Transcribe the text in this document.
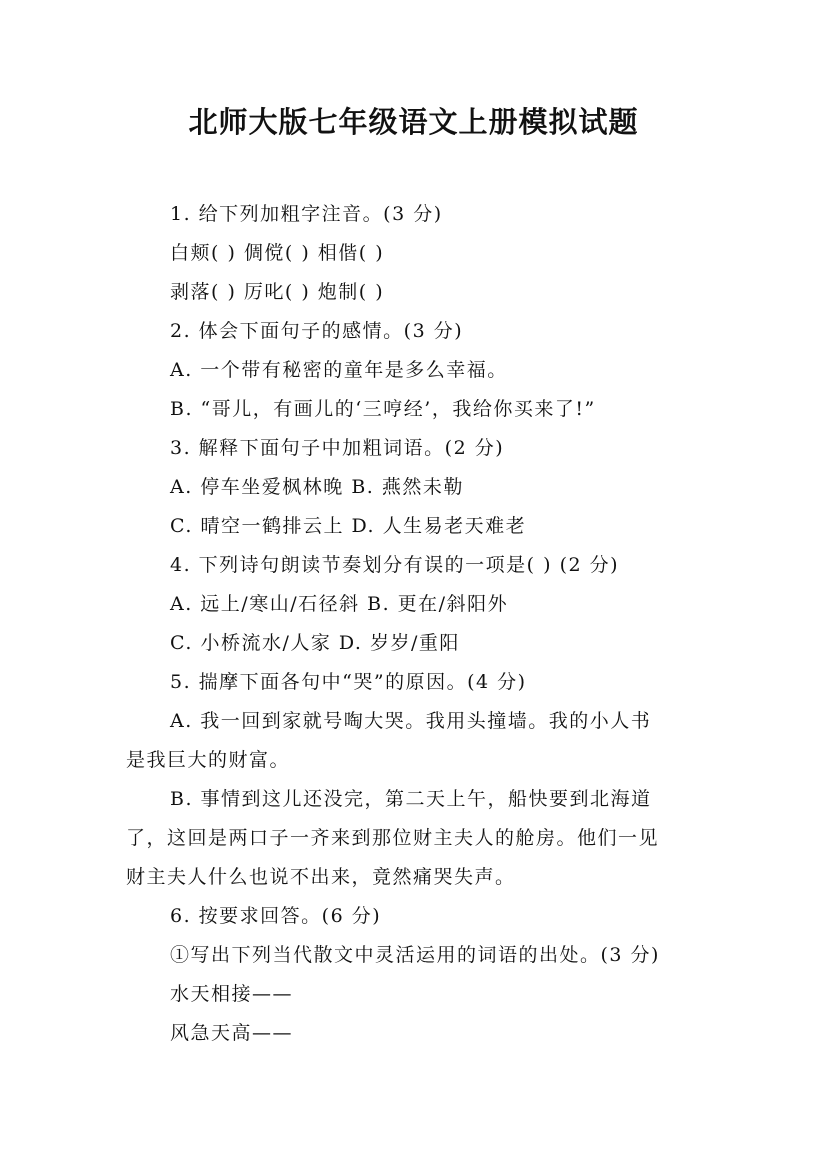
北师大版七年级语文上册模拟试题

1. 给下列加粗字注音。(3 分)

白颊( ) 倜傥( ) 相偕( )

剥落( ) 厉叱( ) 炮制( )

2. 体会下面句子的感情。(3 分)

A. 一个带有秘密的童年是多么幸福。

B. “哥儿，有画儿的‘三哼经’，我给你买来了!”

3. 解释下面句子中加粗词语。(2 分)

A. 停车坐爱枫林晚 B. 燕然未勒

C. 晴空一鹤排云上 D. 人生易老天难老

4. 下列诗句朗读节奏划分有误的一项是( ) (2 分)

A. 远上/寒山/石径斜 B. 更在/斜阳外

C. 小桥流水/人家 D. 岁岁/重阳

5. 揣摩下面各句中“哭”的原因。(4 分)

A. 我一回到家就号啕大哭。我用头撞墙。我的小人书

是我巨大的财富。

B. 事情到这儿还没完，第二天上午，船快要到北海道

了，这回是两口子一齐来到那位财主夫人的舱房。他们一见

财主夫人什么也说不出来，竟然痛哭失声。

6. 按要求回答。(6 分)

①写出下列当代散文中灵活运用的词语的出处。(3 分)

水天相接——

风急天高——
